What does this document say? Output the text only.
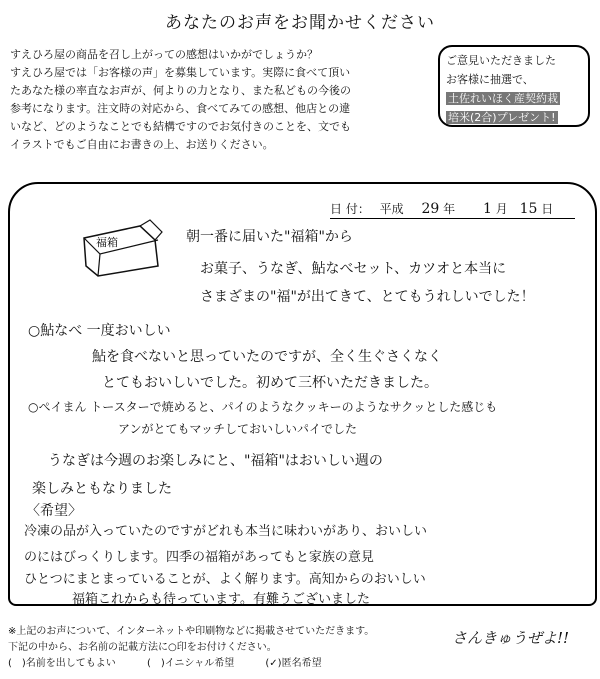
あなたのお声をお聞かせください
すえひろ屋の商品を召し上がっての感想はいかがでしょうか？
すえひろ屋では「お客様の声」を募集しています。実際に食べて頂い
たあなた様の率直なお声が、何よりの力となり、また私どもの今後の
参考になります。注文時の対応から、食べてみての感想、他店との違
いなど、どのようなことでも結構ですのでお気付きのことを、文でも
イラストでもご自由にお書きの上、お送りください。
ご意見いただきました
お客様に抽選で、
土佐れいほく産契約栽
培米(2合)プレゼント!
日 付： 平成 29 年 1 月 15 日
福箱	朝一番に届いた"福箱"から
お菓子、うなぎ、鮎なべセット、カツオと本当に
さまざまの"福"が出てきて、とてもうれしいでした！
○鮎なべ 一度おいしい
鮎を食べないと思っていたのですが、全く生ぐさくなく
とてもおいしいでした。初めて三杯いただきました。
○ぺイまん トースターで焼めると、パイのようなクッキーのようなサクッとした感じも
アンがとてもマッチしておいしいパイでした
うなぎは今週のお楽しみにと、"福箱"はおいしい週の
楽しみともなりました
〈希望〉
冷凍の品が入っていたのですがどれも本当に味わいがあり、おいしい
のにはびっくりします。四季の福箱があってもと家族の意見
ひとつにまとまっていることが、よく解ります。高知からのおいしい
福箱これからも待っています。有難うございました
※上記のお声について、インターネットや印刷物などに掲載させていただきます。
下記の中から、お名前の記載方法に○印をお付けください。
(　)名前を出してもよい	(　)イニシャル希望	(✓)匿名希望
さんきゅうぜよ!!
